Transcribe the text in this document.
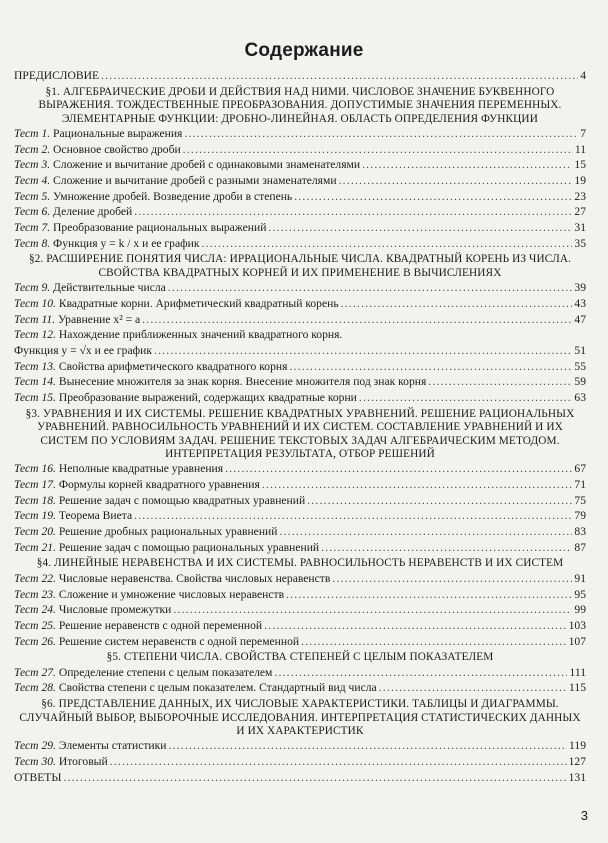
Содержание
ПРЕДИСЛОВИЕ .....	4
§1. АЛГЕБРАИЧЕСКИЕ ДРОБИ И ДЕЙСТВИЯ НАД НИМИ. ЧИСЛОВОЕ ЗНАЧЕНИЕ БУКВЕННОГО ВЫРАЖЕНИЯ. ТОЖДЕСТВЕННЫЕ ПРЕОБРАЗОВАНИЯ. ДОПУСТИМЫЕ ЗНАЧЕНИЯ ПЕРЕМЕННЫХ. ЭЛЕМЕНТАРНЫЕ ФУНКЦИИ: ДРОБНО-ЛИНЕЙНАЯ. ОБЛАСТЬ ОПРЕДЕЛЕНИЯ ФУНКЦИИ
Тест 1. Рациональные выражения .....	7
Тест 2. Основное свойство дроби .....	11
Тест 3. Сложение и вычитание дробей с одинаковыми знаменателями .....	15
Тест 4. Сложение и вычитание дробей с разными знаменателями .....	19
Тест 5. Умножение дробей. Возведение дроби в степень .....	23
Тест 6. Деление дробей .....	27
Тест 7. Преобразование рациональных выражений .....	31
Тест 8. Функция y = k / x и ее график .....	35
§2. РАСШИРЕНИЕ ПОНЯТИЯ ЧИСЛА: ИРРАЦИОНАЛЬНЫЕ ЧИСЛА. КВАДРАТНЫЙ КОРЕНЬ ИЗ ЧИСЛА. СВОЙСТВА КВАДРАТНЫХ КОРНЕЙ И ИХ ПРИМЕНЕНИЕ В ВЫЧИСЛЕНИЯХ
Тест 9. Действительные числа .....	39
Тест 10. Квадратные корни. Арифметический квадратный корень .....	43
Тест 11. Уравнение x² = a .....	47
Тест 12. Нахождение приближенных значений квадратного корня.
Функция y = √x и ее график .....	51
Тест 13. Свойства арифметического квадратного корня .....	55
Тест 14. Вынесение множителя за знак корня. Внесение множителя под знак корня .....	59
Тест 15. Преобразование выражений, содержащих квадратные корни .....	63
§3. УРАВНЕНИЯ И ИХ СИСТЕМЫ. РЕШЕНИЕ КВАДРАТНЫХ УРАВНЕНИЙ. РЕШЕНИЕ РАЦИОНАЛЬНЫХ УРАВНЕНИЙ. РАВНОСИЛЬНОСТЬ УРАВНЕНИЙ И ИХ СИСТЕМ. СОСТАВЛЕНИЕ УРАВНЕНИЙ И ИХ СИСТЕМ ПО УСЛОВИЯМ ЗАДАЧ. РЕШЕНИЕ ТЕКСТОВЫХ ЗАДАЧ АЛГЕБРАИЧЕСКИМ МЕТОДОМ. ИНТЕРПРЕТАЦИЯ РЕЗУЛЬТАТА, ОТБОР РЕШЕНИЙ
Тест 16. Неполные квадратные уравнения .....	67
Тест 17. Формулы корней квадратного уравнения .....	71
Тест 18. Решение задач с помощью квадратных уравнений .....	75
Тест 19. Теорема Виета .....	79
Тест 20. Решение дробных рациональных уравнений .....	83
Тест 21. Решение задач с помощью рациональных уравнений .....	87
§4. ЛИНЕЙНЫЕ НЕРАВЕНСТВА И ИХ СИСТЕМЫ. РАВНОСИЛЬНОСТЬ НЕРАВЕНСТВ И ИХ СИСТЕМ
Тест 22. Числовые неравенства. Свойства числовых неравенств .....	91
Тест 23. Сложение и умножение числовых неравенств .....	95
Тест 24. Числовые промежутки .....	99
Тест 25. Решение неравенств с одной переменной .....	103
Тест 26. Решение систем неравенств с одной переменной .....	107
§5. СТЕПЕНИ ЧИСЛА. СВОЙСТВА СТЕПЕНЕЙ С ЦЕЛЫМ ПОКАЗАТЕЛЕМ
Тест 27. Определение степени с целым показателем .....	111
Тест 28. Свойства степени с целым показателем. Стандартный вид числа .....	115
§6. ПРЕДСТАВЛЕНИЕ ДАННЫХ, ИХ ЧИСЛОВЫЕ ХАРАКТЕРИСТИКИ. ТАБЛИЦЫ И ДИАГРАММЫ. СЛУЧАЙНЫЙ ВЫБОР, ВЫБОРОЧНЫЕ ИССЛЕДОВАНИЯ. ИНТЕРПРЕТАЦИЯ СТАТИСТИЧЕСКИХ ДАННЫХ И ИХ ХАРАКТЕРИСТИК
Тест 29. Элементы статистики .....	119
Тест 30. Итоговый .....	127
ОТВЕТЫ .....	131
3
